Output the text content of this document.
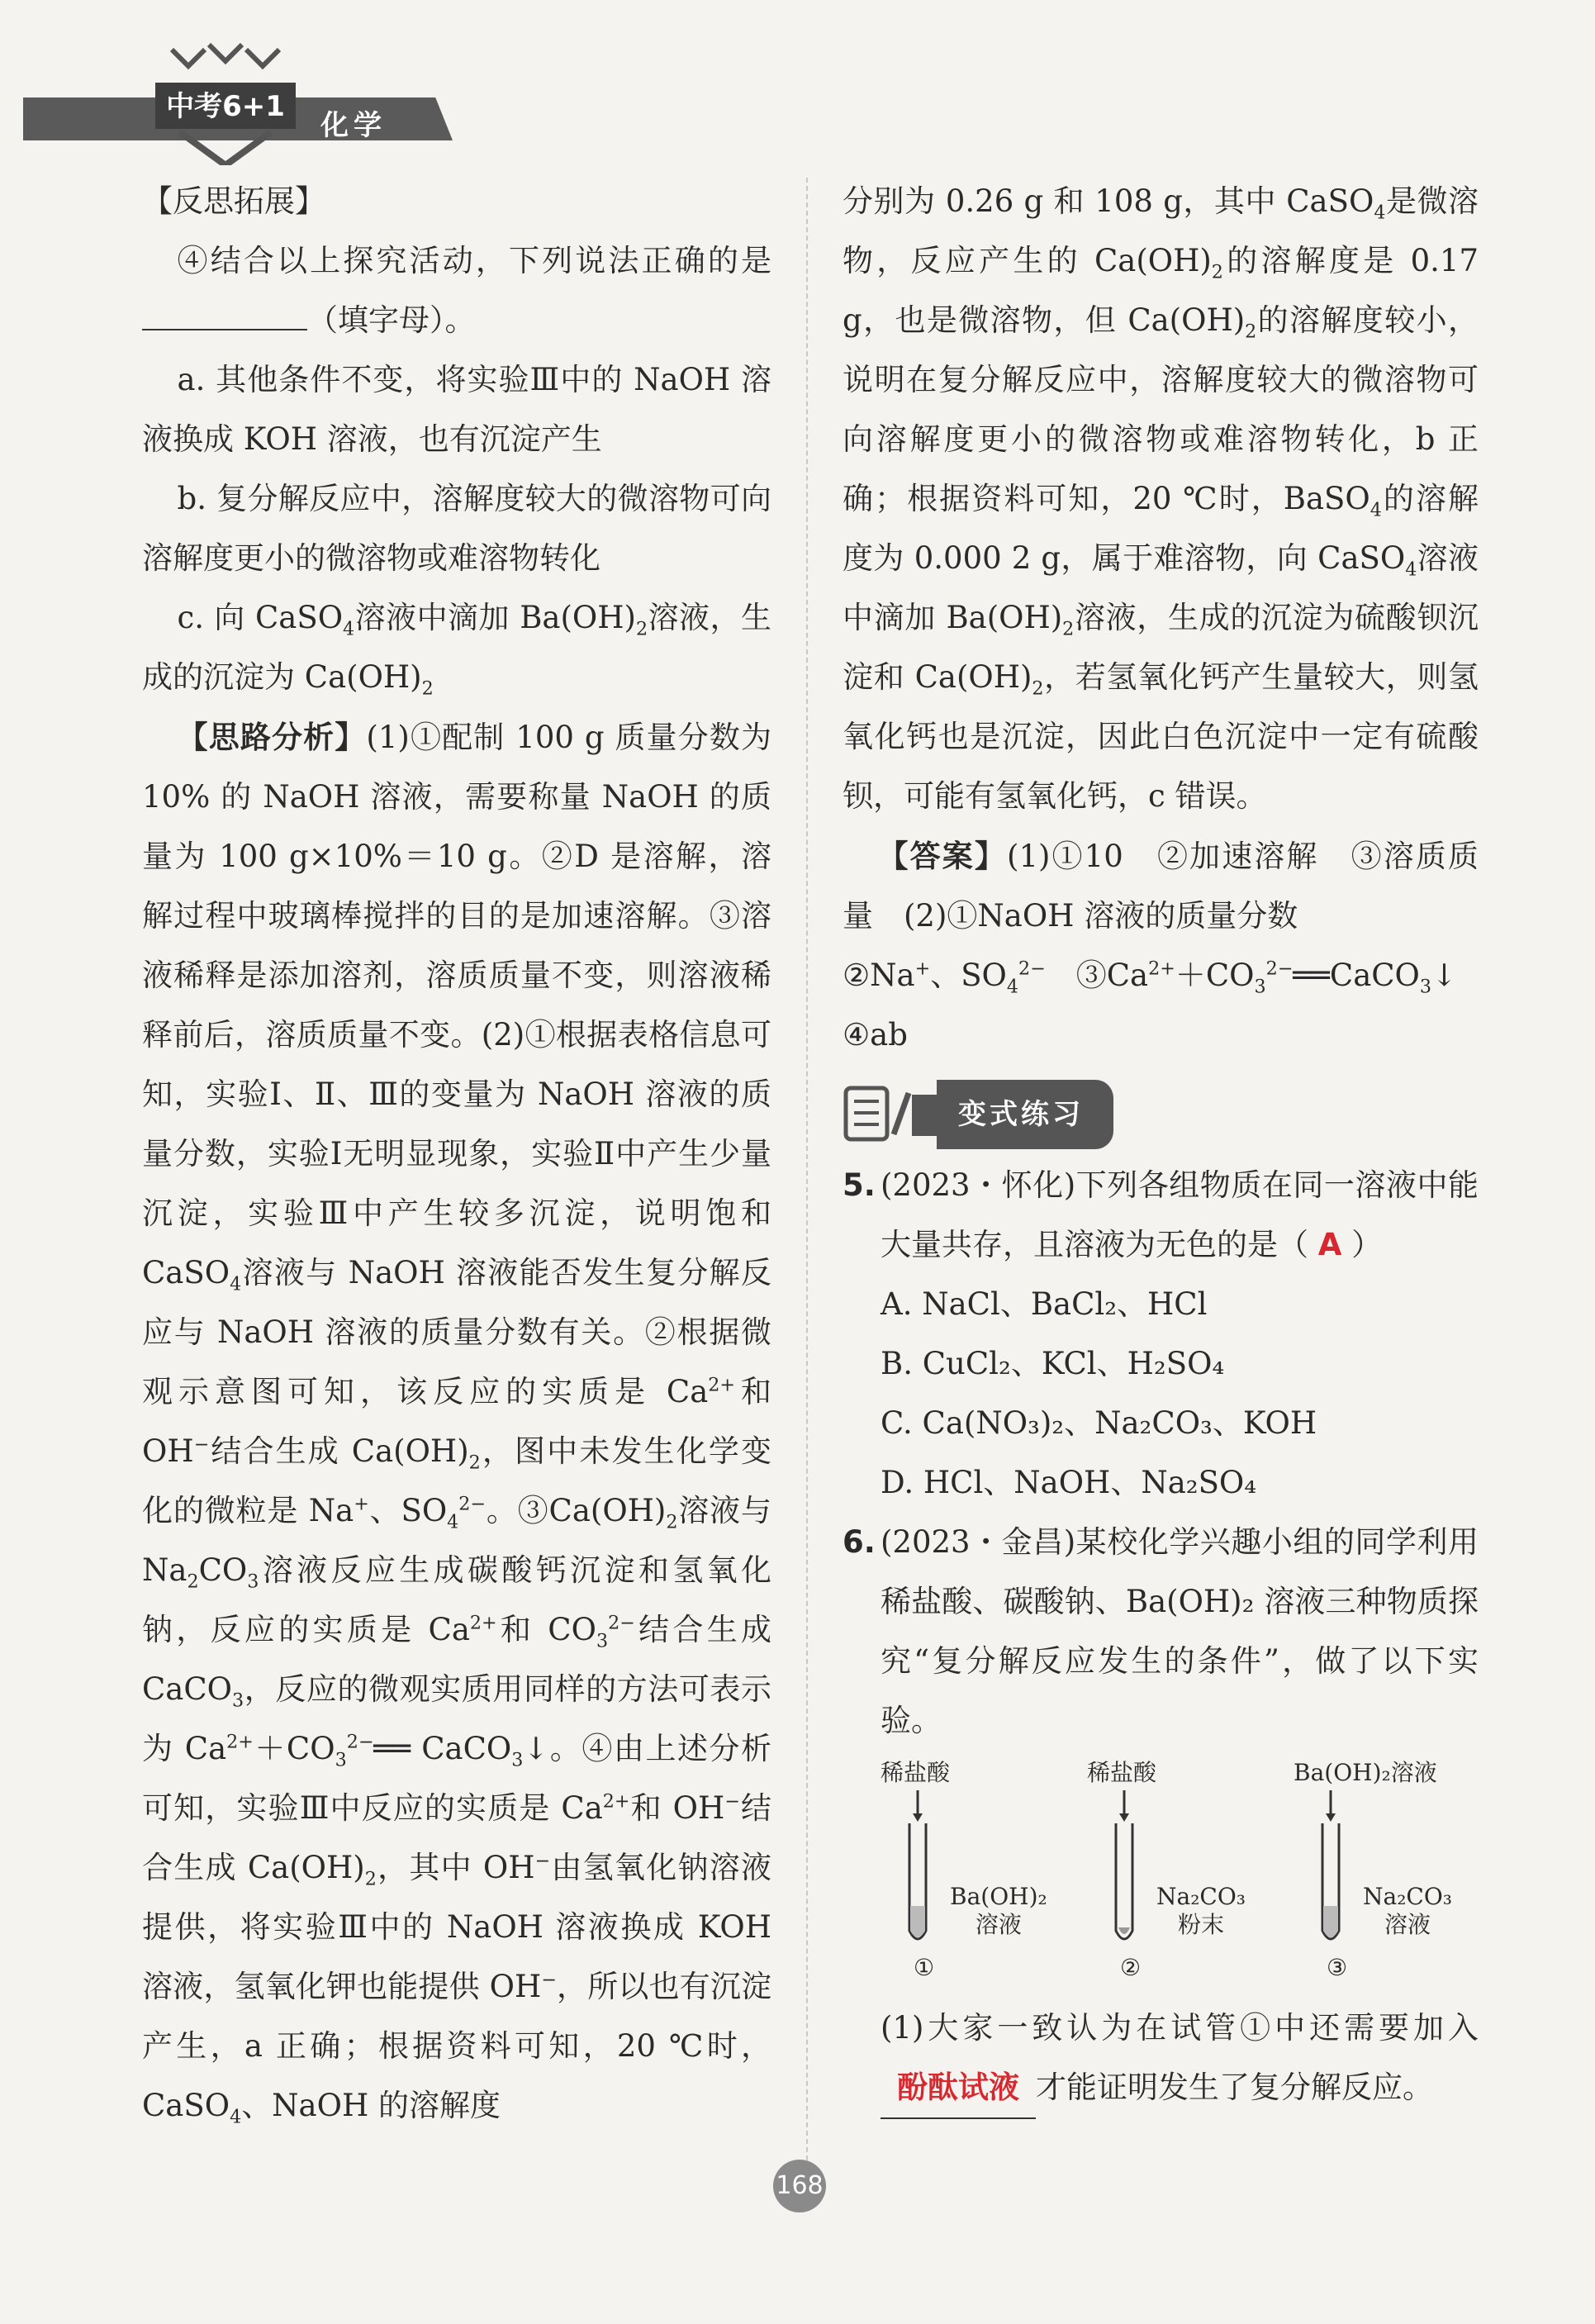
中考6+1
化学

【反思拓展】

④结合以上探究活动，下列说法正确的是（填字母）。

a. 其他条件不变，将实验Ⅲ中的 NaOH 溶液换成 KOH 溶液，也有沉淀产生

b. 复分解反应中，溶解度较大的微溶物可向溶解度更小的微溶物或难溶物转化

c. 向 CaSO$_4$溶液中滴加 $Ba(OH)_2$溶液，生成的沉淀为 $Ca(OH)_2$

【思路分析】(1)①配制 100 g 质量分数为 10% 的 NaOH 溶液，需要称量 NaOH 的质量为 100 g×10%＝10 g。②D 是溶解，溶解过程中玻璃棒搅拌的目的是加速溶解。③溶液稀释是添加溶剂，溶质质量不变，则溶液稀释前后，溶质质量不变。(2)①根据表格信息可知，实验Ⅰ、Ⅱ、Ⅲ的变量为 NaOH 溶液的质量分数，实验Ⅰ无明显现象，实验Ⅱ中产生少量沉淀，实验Ⅲ中产生较多沉淀，说明饱和 CaSO$_4$溶液与 NaOH 溶液能否发生复分解反应与 NaOH 溶液的质量分数有关。②根据微观示意图可知，该反应的实质是 $Ca^{2+}$和 OH−结合生成 $Ca(OH)_2$，图中未发生化学变化的微粒是 Na+、$SO_4^{2-}$。$③Ca(OH)_2$溶液与 $Na_2CO_3$溶液反应生成碳酸钙沉淀和氢氧化钠，反应的实质是 $Ca^{2+}$和 $CO_3^{2-}$结合生成 CaCO$_3$，反应的微观实质用同样的方法可表示为 $Ca^{2+}+CO_3^{2-}══$ CaCO$_3$↓。④由上述分析可知，实验Ⅲ中反应的实质是 $Ca^{2+}$和 OH−结合生成 $Ca(OH)_2$，其中 OH−由氢氧化钠溶液提供，将实验Ⅲ中的 NaOH 溶液换成 KOH 溶液，氢氧化钾也能提供 OH−，所以也有沉淀产生，a 正确；根据资料可知，20 ℃时，CaSO$_4$、NaOH 的溶解度

分别为 0.26 g 和 108 g，其中 CaSO$_4$是微溶物，反应产生的 $Ca(OH)_2$的溶解度是 0.17 g，也是微溶物，但 $Ca(OH)_2$的溶解度较小，说明在复分解反应中，溶解度较大的微溶物可向溶解度更小的微溶物或难溶物转化，b 正确；根据资料可知，20 ℃时，BaSO$_4$的溶解度为 0.000 2 g，属于难溶物，向 CaSO$_4$溶液中滴加 $Ba(OH)_2$溶液，生成的沉淀为硫酸钡沉淀和 $Ca(OH)_2$，若氢氧化钙产生量较大，则氢氧化钙也是沉淀，因此白色沉淀中一定有硫酸钡，可能有氢氧化钙，c 错误。

【答案】(1)①10　②加速溶解　③溶质质量　(2)①NaOH 溶液的质量分数
②Na+、$SO_4^{2-}$　$③Ca^{2+}+CO_3^{2-}══CaCO_3↓$
④ab

变式练习

5. (2023・怀化)下列各组物质在同一溶液中能大量共存，且溶液为无色的是（ A ）

A. NaCl、BaCl₂、HCl

B. CuCl₂、KCl、H₂SO₄

C. Ca(NO₃)₂、Na₂CO₃、KOH

D. HCl、NaOH、Na₂SO₄

6. (2023・金昌)某校化学兴趣小组的同学利用稀盐酸、碳酸钠、Ba(OH)₂ 溶液三种物质探究“复分解反应发生的条件”，做了以下实验。

稀盐酸
Ba(OH)₂
溶液
①
稀盐酸
Na₂CO₃
粉末
②
Ba(OH)₂溶液
Na₂CO₃
溶液
③

(1)大家一致认为在试管①中还需要加入 酚酞试液 才能证明发生了复分解反应。

168
